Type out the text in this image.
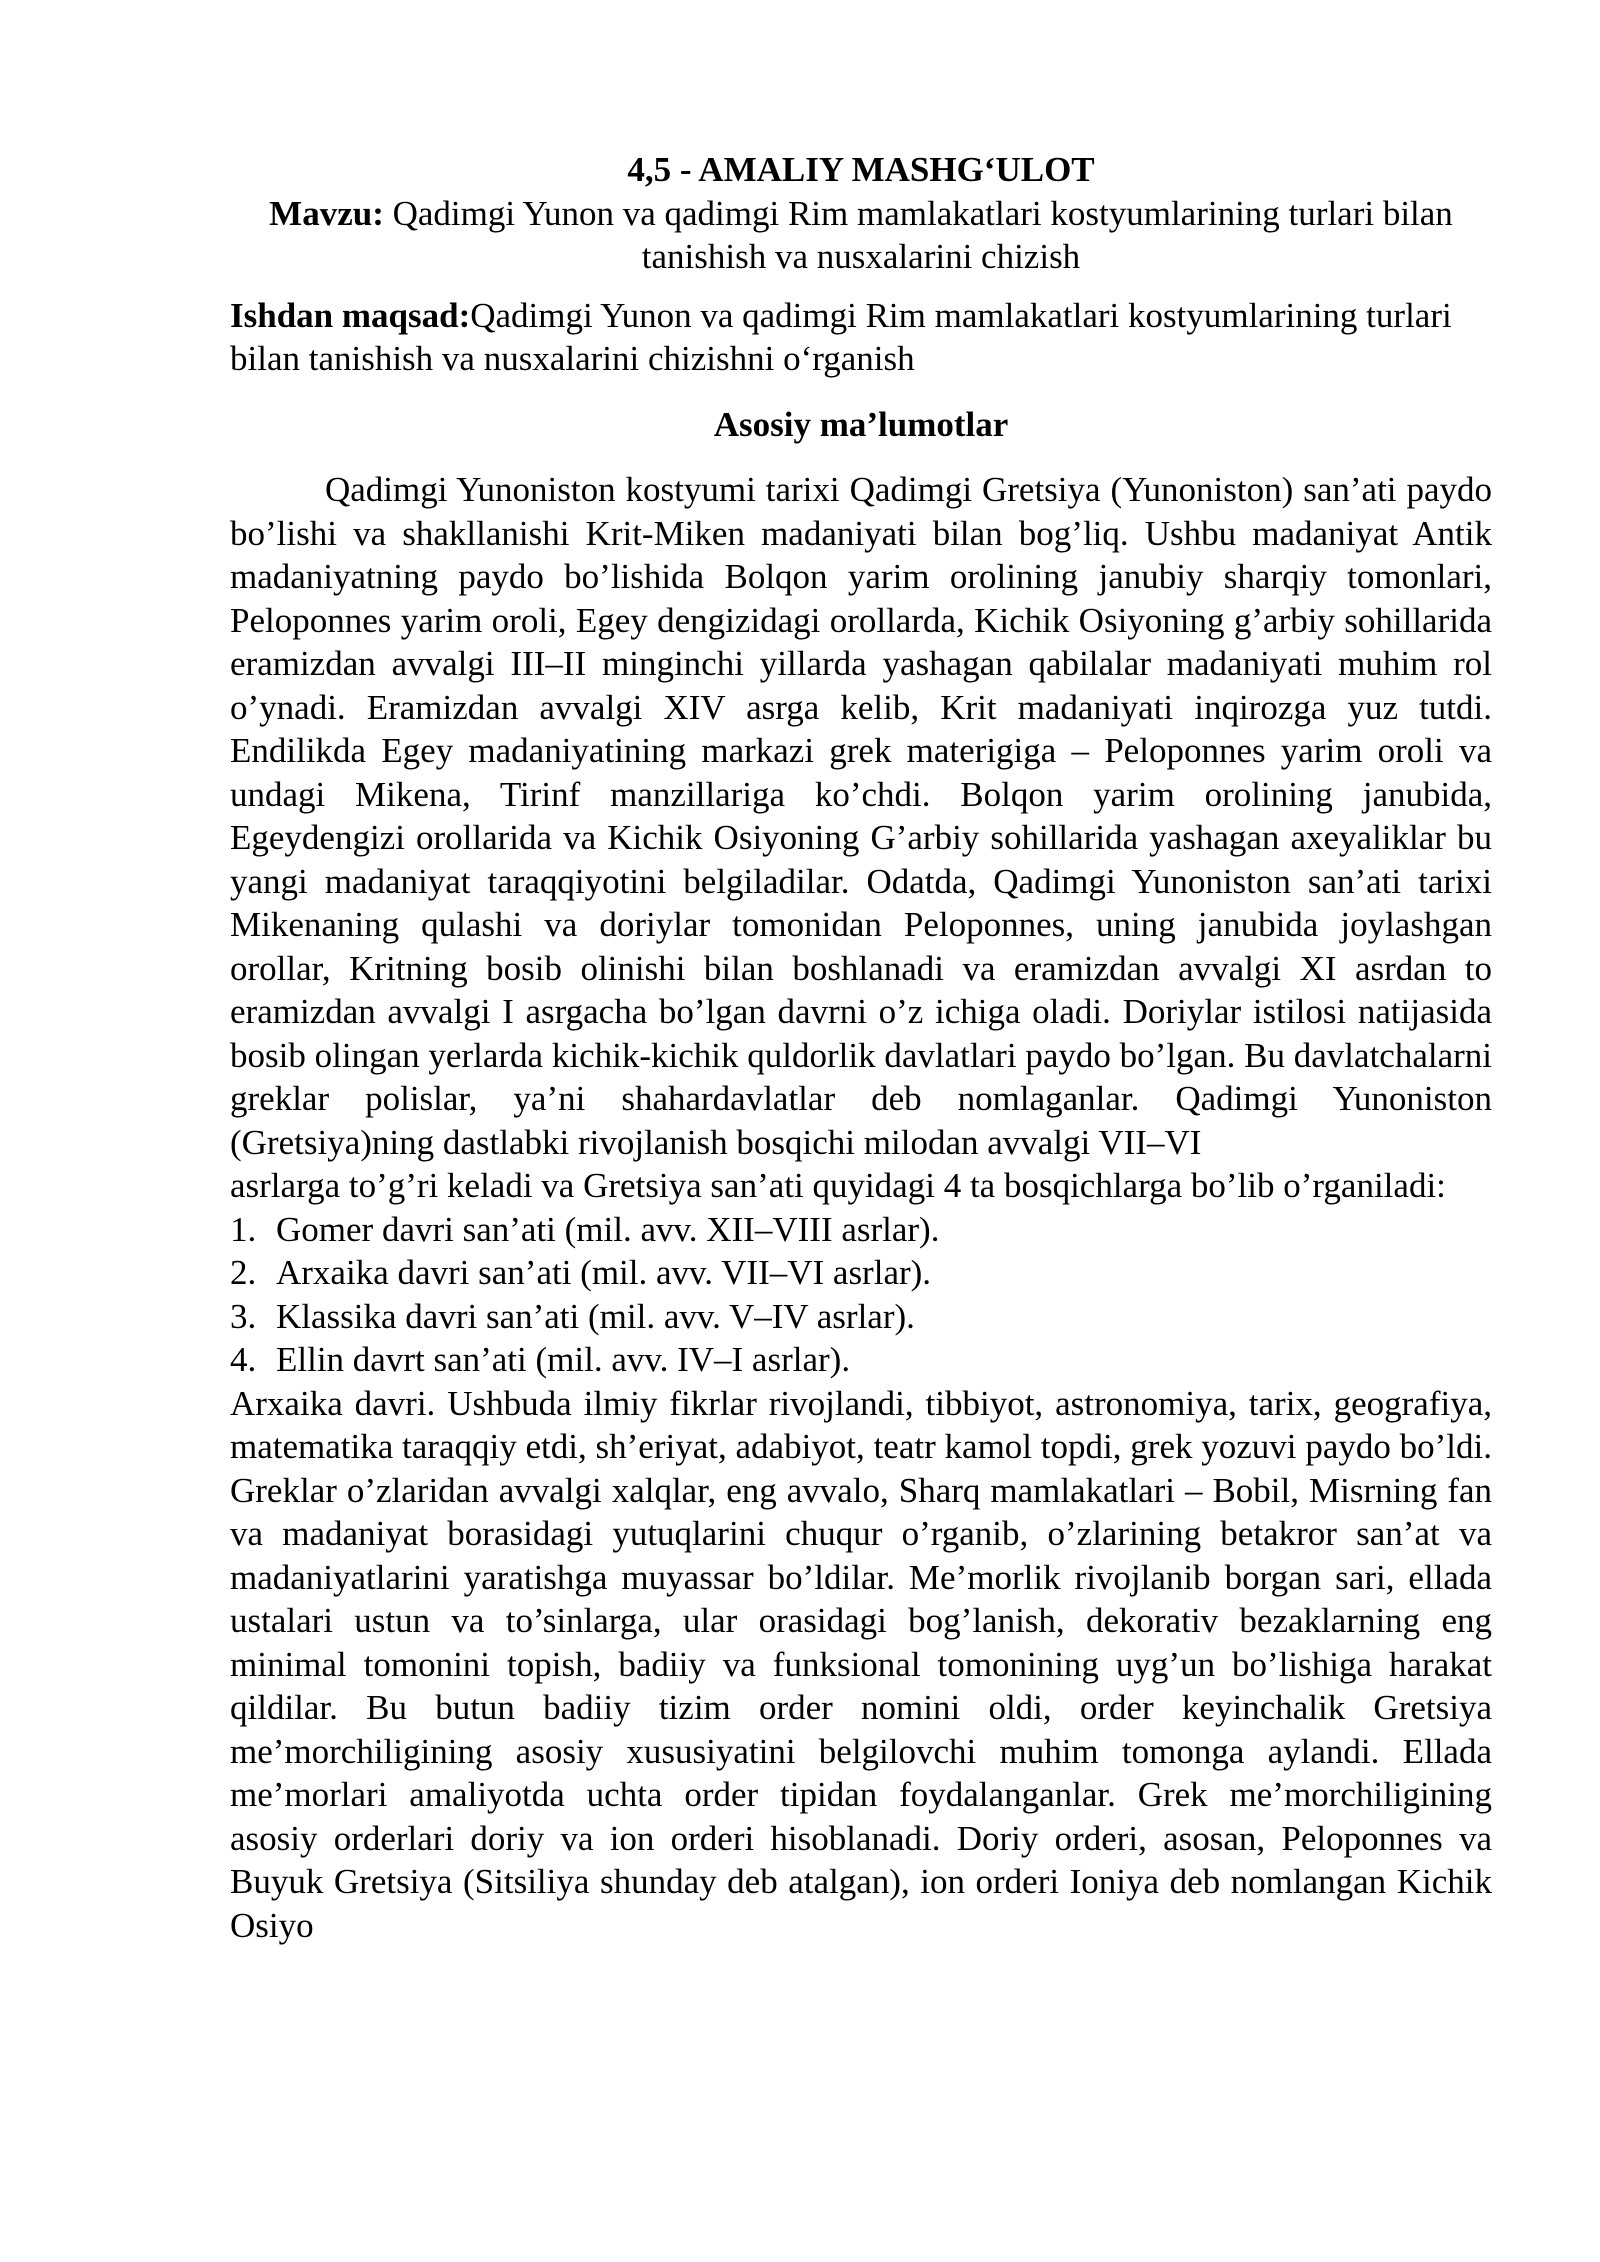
4,5 - AMALIY MASHG‘ULOT

Mavzu: Qadimgi Yunon va qadimgi Rim mamlakatlari kostyumlarining turlari bilan tanishish va nusxalarini chizish

Ishdan maqsad:Qadimgi Yunon va qadimgi Rim mamlakatlari kostyumlarining turlari bilan tanishish va nusxalarini chizishni o‘rganish

Asosiy ma’lumotlar

Qadimgi Yunoniston kostyumi tarixi Qadimgi Gretsiya (Yunoniston) san’ati paydo bo’lishi va shakllanishi Krit-Miken madaniyati bilan bog’liq. Ushbu madaniyat Antik madaniyatning paydo bo’lishida Bolqon yarim orolining janubiy sharqiy tomonlari, Peloponnes yarim oroli, Egey dengizidagi orollarda, Kichik Osiyoning g’arbiy sohillarida eramizdan avvalgi III–II minginchi yillarda yashagan qabilalar madaniyati muhim rol o’ynadi. Eramizdan avvalgi XIV asrga kelib, Krit madaniyati inqirozga yuz tutdi. Endilikda Egey madaniyatining markazi grek materigiga – Peloponnes yarim oroli va undagi Mikena, Tirinf manzillariga ko’chdi. Bolqon yarim orolining janubida, Egeydengizi orollarida va Kichik Osiyoning G’arbiy sohillarida yashagan axeyaliklar bu yangi madaniyat taraqqiyotini belgiladilar. Odatda, Qadimgi Yunoniston san’ati tarixi Mikenaning qulashi va doriylar tomonidan Peloponnes, uning janubida joylashgan orollar, Kritning bosib olinishi bilan boshlanadi va eramizdan avvalgi XI asrdan to eramizdan avvalgi I asrgacha bo’lgan davrni o’z ichiga oladi. Doriylar istilosi natijasida bosib olingan yerlarda kichik-kichik quldorlik davlatlari paydo bo’lgan. Bu davlatchalarni greklar polislar, ya’ni shahardavlatlar deb nomlaganlar. Qadimgi Yunoniston (Gretsiya)ning dastlabki rivojlanish bosqichi milodan avvalgi VII–VI

asrlarga to’g’ri keladi va Gretsiya san’ati quyidagi 4 ta bosqichlarga bo’lib o’rganiladi:

1. Gomer davri san’ati (mil. avv. XII–VIII asrlar).
2. Arxaika davri san’ati (mil. avv. VII–VI asrlar).
3. Klassika davri san’ati (mil. avv. V–IV asrlar).
4. Ellin davrt san’ati (mil. avv. IV–I asrlar).

Arxaika davri. Ushbuda ilmiy fikrlar rivojlandi, tibbiyot, astronomiya, tarix, geografiya, matematika taraqqiy etdi, sh’eriyat, adabiyot, teatr kamol topdi, grek yozuvi paydo bo’ldi. Greklar o’zlaridan avvalgi xalqlar, eng avvalo, Sharq mamlakatlari – Bobil, Misrning fan va madaniyat borasidagi yutuqlarini chuqur o’rganib, o’zlarining betakror san’at va madaniyatlarini yaratishga muyassar bo’ldilar. Me’morlik rivojlanib borgan sari, ellada ustalari ustun va to’sinlarga, ular orasidagi bog’lanish, dekorativ bezaklarning eng minimal tomonini topish, badiiy va funksional tomonining uyg’un bo’lishiga harakat qildilar. Bu butun badiiy tizim order nomini oldi, order keyinchalik Gretsiya me’morchiligining asosiy xususiyatini belgilovchi muhim tomonga aylandi. Ellada me’morlari amaliyotda uchta order tipidan foydalanganlar. Grek me’morchiligining asosiy orderlari doriy va ion orderi hisoblanadi. Doriy orderi, asosan, Peloponnes va Buyuk Gretsiya (Sitsiliya shunday deb atalgan), ion orderi Ioniya deb nomlangan Kichik Osiyo
